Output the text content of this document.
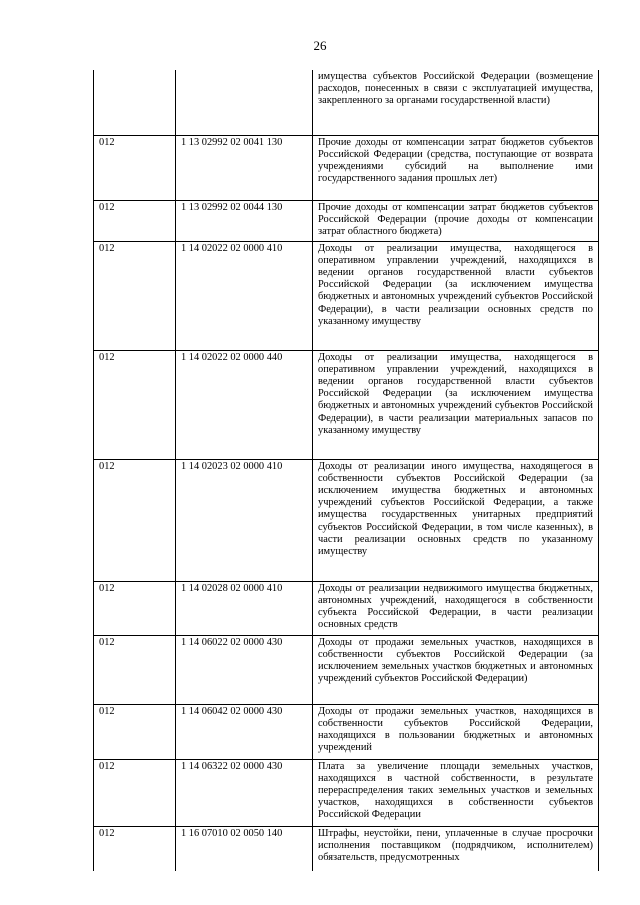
26
		имущества субъектов Российской Федерации (возмещение расходов, понесенных в связи с эксплуатацией имущества, закрепленного за органами государственной власти)
012	1 13 02992 02 0041 130	Прочие доходы от компенсации затрат бюджетов субъектов Российской Федерации (средства, поступающие от возврата учреждениями субсидий на выполнение ими государственного задания прошлых лет)
012	1 13 02992 02 0044 130	Прочие доходы от компенсации затрат бюджетов субъектов Российской Федерации (прочие доходы от компенсации затрат областного бюджета)
012	1 14 02022 02 0000 410	Доходы от реализации имущества, находящегося в оперативном управлении учреждений, находящихся в ведении органов государственной власти субъектов Российской Федерации (за исключением имущества бюджетных и автономных учреждений субъектов Российской Федерации), в части реализации основных средств по указанному имуществу
012	1 14 02022 02 0000 440	Доходы от реализации имущества, находящегося в оперативном управлении учреждений, находящихся в ведении органов государственной власти субъектов Российской Федерации (за исключением имущества бюджетных и автономных учреждений субъектов Российской Федерации), в части реализации материальных запасов по указанному имуществу
012	1 14 02023 02 0000 410	Доходы от реализации иного имущества, находящегося в собственности субъектов Российской Федерации (за исключением имущества бюджетных и автономных учреждений субъектов Российской Федерации, а также имущества государственных унитарных предприятий субъектов Российской Федерации, в том числе казенных), в части реализации основных средств по указанному имуществу
012	1 14 02028 02 0000 410	Доходы от реализации недвижимого имущества бюджетных, автономных учреждений, находящегося в собственности субъекта Российской Федерации, в части реализации основных средств
012	1 14 06022 02 0000 430	Доходы от продажи земельных участков, находящихся в собственности субъектов Российской Федерации (за исключением земельных участков бюджетных и автономных учреждений субъектов Российской Федерации)
012	1 14 06042 02 0000 430	Доходы от продажи земельных участков, находящихся в собственности субъектов Российской Федерации, находящихся в пользовании бюджетных и автономных учреждений
012	1 14 06322 02 0000 430	Плата за увеличение площади земельных участков, находящихся в частной собственности, в результате перераспределения таких земельных участков и земельных участков, находящихся в собственности субъектов Российской Федерации
012	1 16 07010 02 0050 140	Штрафы, неустойки, пени, уплаченные в случае просрочки исполнения поставщиком (подрядчиком, исполнителем) обязательств, предусмотренных
